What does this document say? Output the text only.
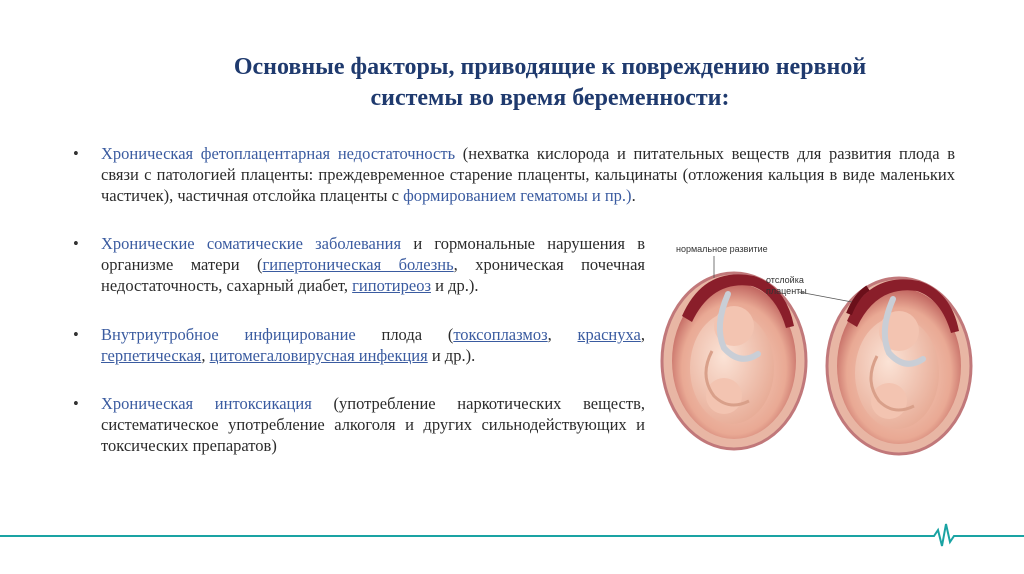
Основные факторы, приводящие к повреждению нервной
системы во время беременности:
•	Хроническая фетоплацентарная недостаточность (нехватка кислорода и питательных веществ для развития плода в связи с патологией плаценты: преждевременное старение плаценты, кальцинаты (отложения кальция в виде маленьких частичек), частичная отслойка плаценты с формированием гематомы и пр.).
•	Хронические соматические заболевания и гормональные нарушения в организме матери (гипертоническая болезнь, хроническая почечная недостаточность, сахарный диабет, гипотиреоз и др.).
•	Внутриутробное инфицирование плода (токсоплазмоз, краснуха, герпетическая, цитомегаловирусная инфекция и др.).
•	Хроническая интоксикация (употребление наркотических веществ, систематическое употребление алкоголя и других сильнодействующих и токсических препаратов)
нормальное развитие
отслойка
плаценты
